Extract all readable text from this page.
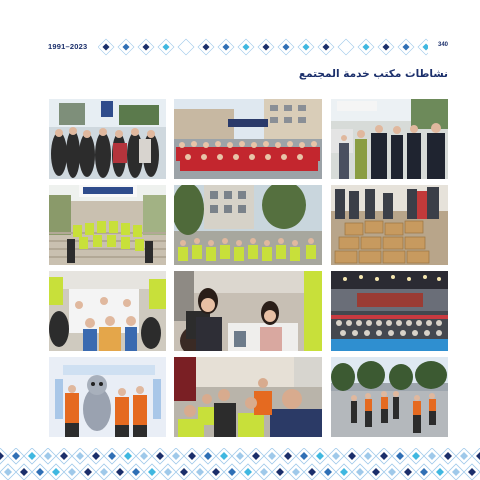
1991–2023	340
نشاطات مكتب خدمة المجتمع
